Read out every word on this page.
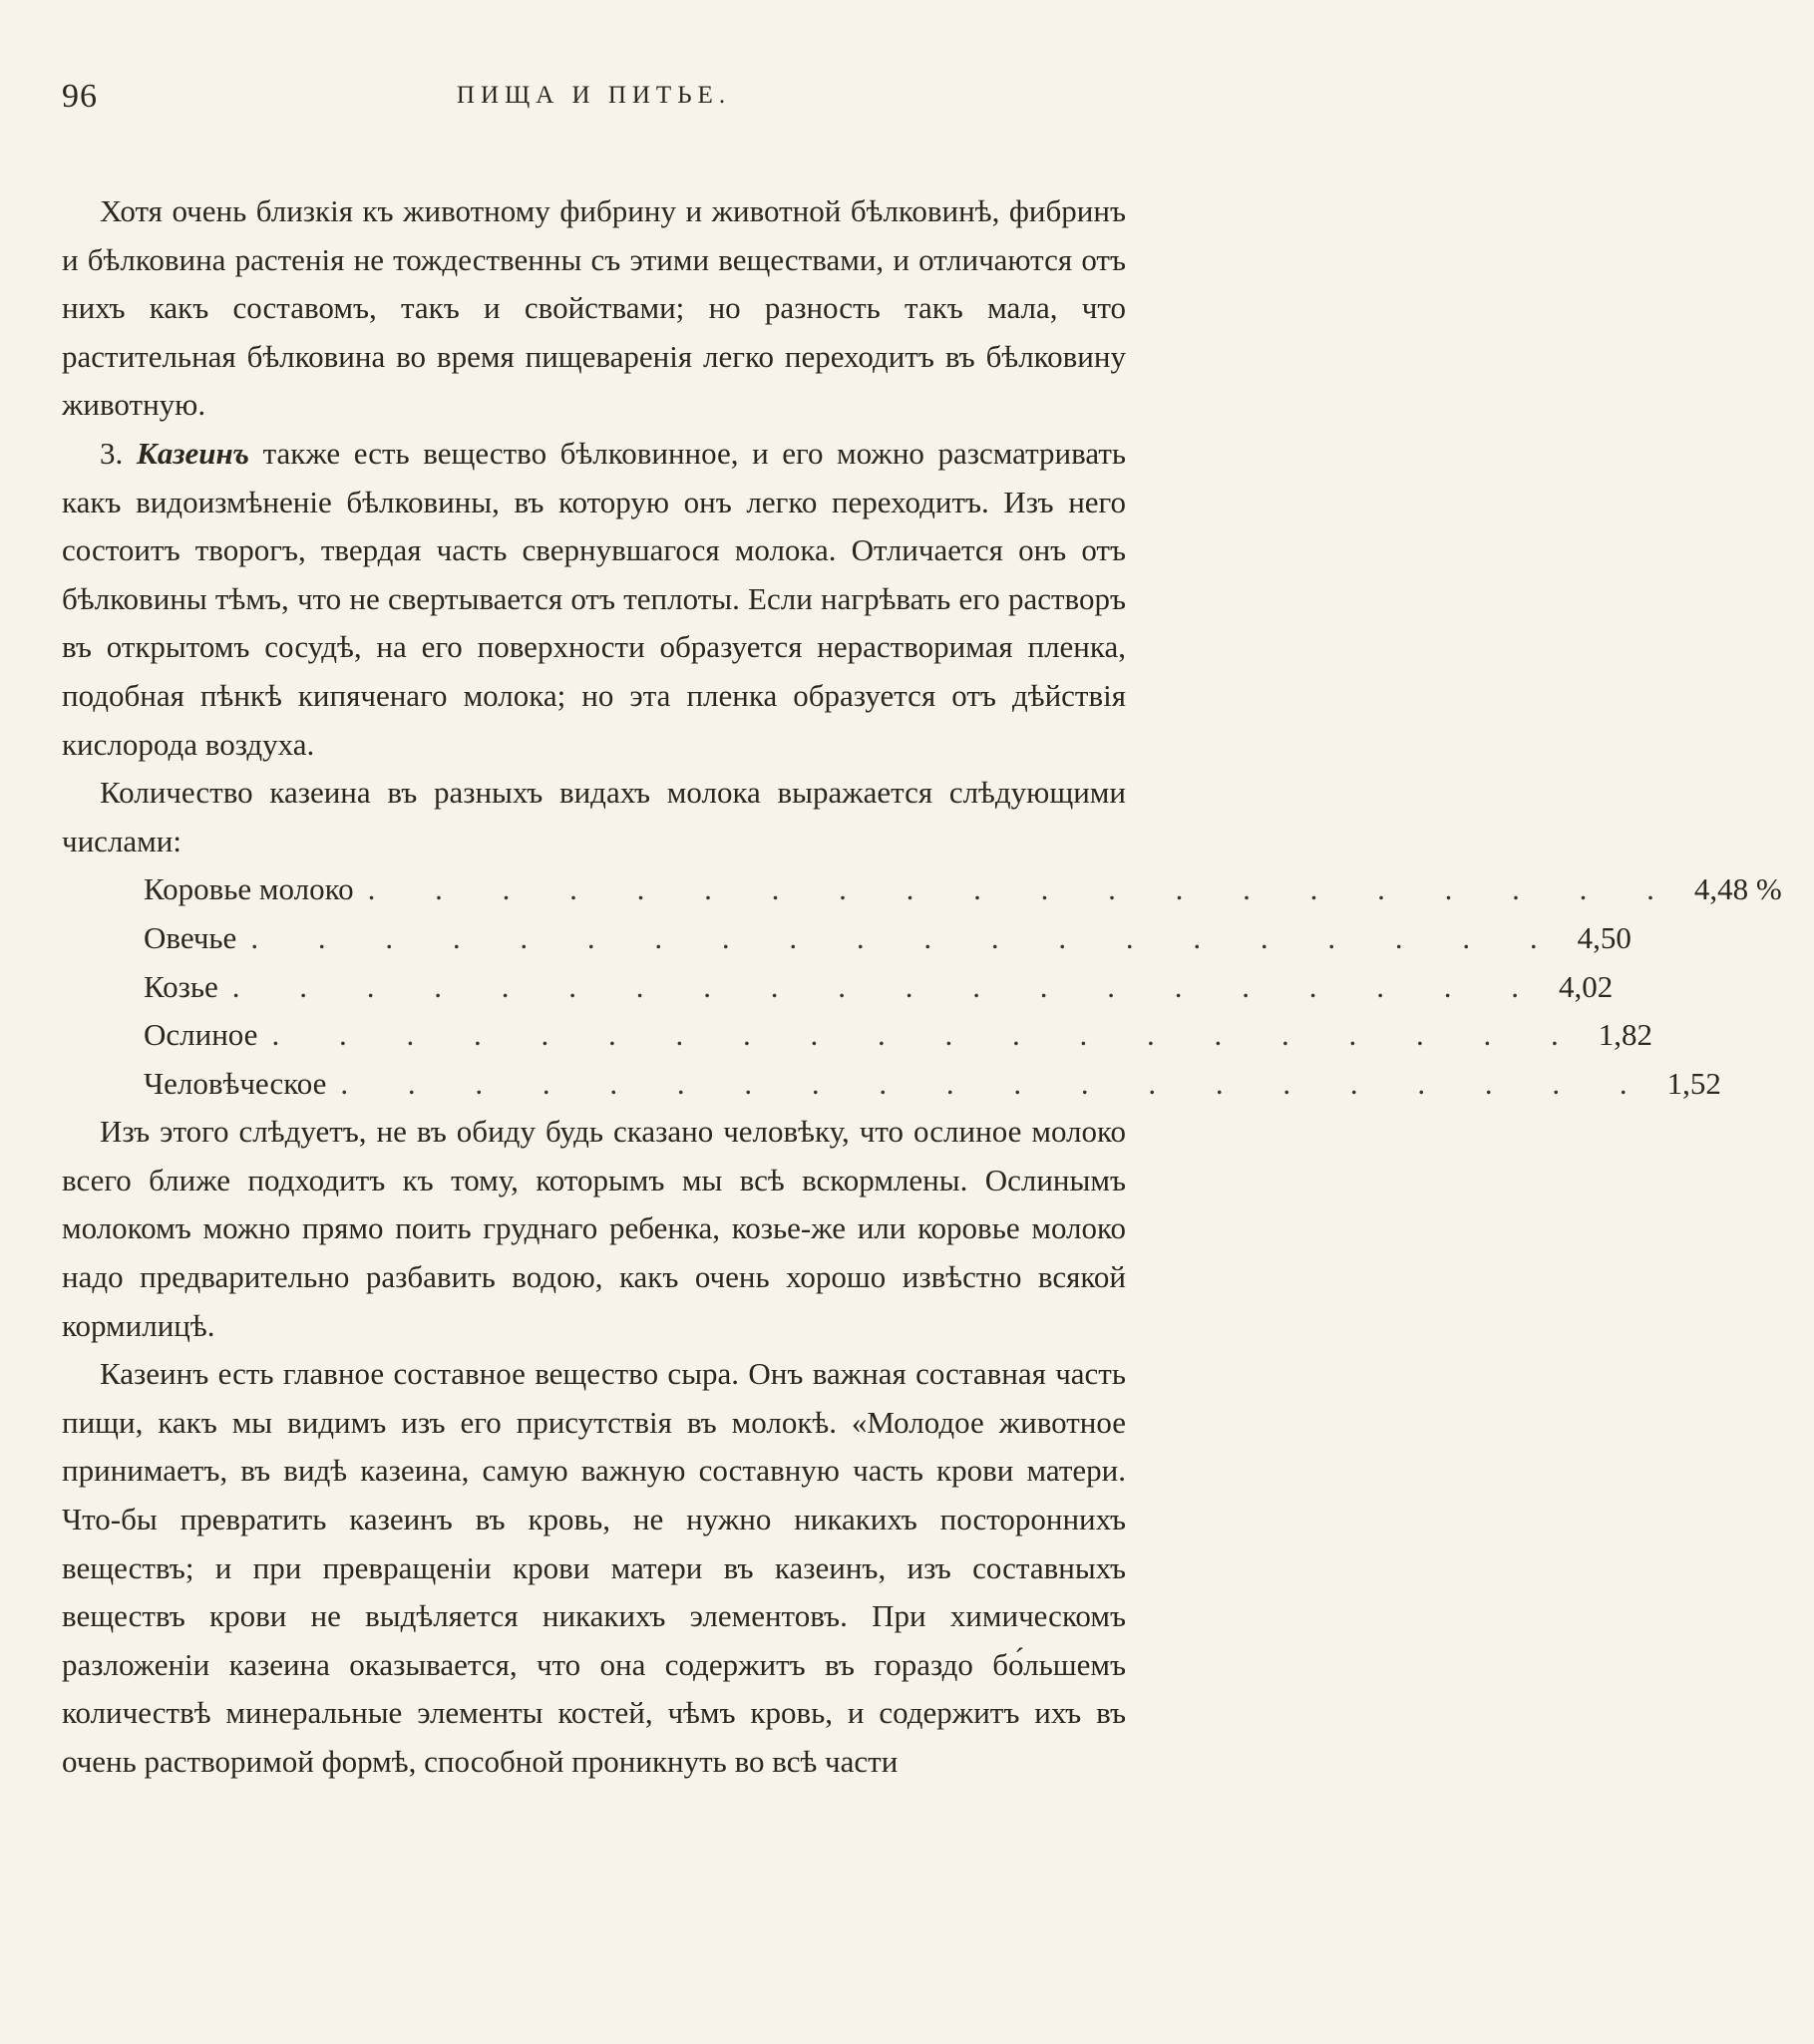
96	ПИЩА И ПИТЬЕ.

Хотя очень близкія къ животному фибрину и животной бѣлковинѣ, фибринъ и бѣлковина растенія не тождественны съ этими веществами, и отличаются отъ нихъ какъ составомъ, такъ и свойствами; но разность такъ мала, что растительная бѣлковина во время пищеваренія легко переходитъ въ бѣлковину животную.

3. Казеинъ также есть вещество бѣлковинное, и его можно разсматривать какъ видоизмѣненіе бѣлковины, въ которую онъ легко переходитъ. Изъ него состоитъ творогъ, твердая часть свернувшагося молока. Отличается онъ отъ бѣлковины тѣмъ, что не свертывается отъ теплоты. Если нагрѣвать его растворъ въ открытомъ сосудѣ, на его поверхности образуется нерастворимая пленка, подобная пѣнкѣ кипяченаго молока; но эта пленка образуется отъ дѣйствія кислорода воздуха.

Количество казеина въ разныхъ видахъ молока выражается слѣдующими числами:

Коровье молоко . . . . . . . . . . . . . . . . . . . . 4,48 %
Овечье . . . . . . . . . . . . . . . . . . . . 4,50
Козье . . . . . . . . . . . . . . . . . . . . 4,02
Ослиное . . . . . . . . . . . . . . . . . . . . 1,82
Человѣческое . . . . . . . . . . . . . . . . . . . . 1,52

Изъ этого слѣдуетъ, не въ обиду будь сказано человѣку, что ослиное молоко всего ближе подходитъ къ тому, которымъ мы всѣ вскормлены. Ослинымъ молокомъ можно прямо поить груднаго ребенка, козье-же или коровье молоко надо предварительно разбавить водою, какъ очень хорошо извѣстно всякой кормилицѣ.

Казеинъ есть главное составное вещество сыра. Онъ важная составная часть пищи, какъ мы видимъ изъ его присутствія въ молокѣ. «Молодое животное принимаетъ, въ видѣ казеина, самую важную составную часть крови матери. Что-бы превратить казеинъ въ кровь, не нужно никакихъ постороннихъ веществъ; и при превращеніи крови матери въ казеинъ, изъ составныхъ веществъ крови не выдѣляется никакихъ элементовъ. При химическомъ разложеніи казеина оказывается, что она содержитъ въ гораздо бо́льшемъ количествѣ минеральные элементы костей, чѣмъ кровь, и содержитъ ихъ въ очень растворимой формѣ, способной проникнуть во всѣ части
